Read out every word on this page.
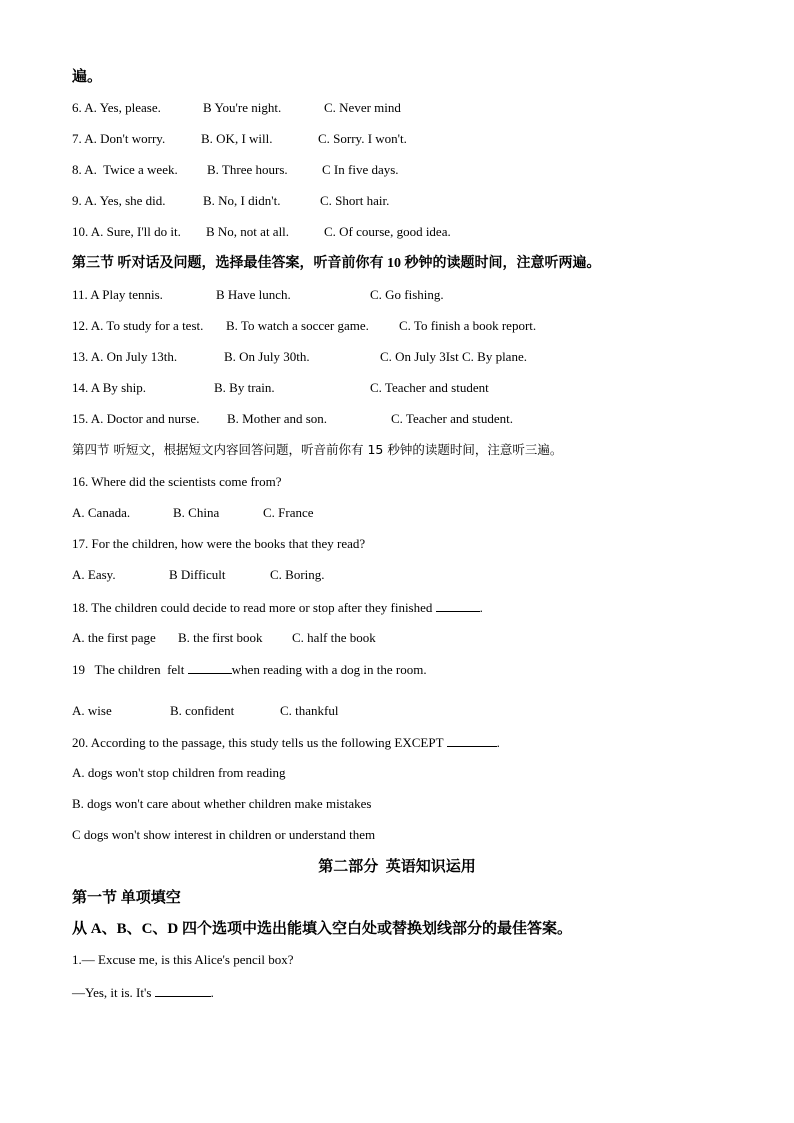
遍。
6. A. Yes, please.	B You're night.	C. Never mind
7. A. Don't worry.	B. OK, I will.	C. Sorry. I won't.
8. A.  Twice a week. B. Three hours.	C In five days.
9. A. Yes, she did.	B. No, I didn't.	C. Short hair.
10. A. Sure, I'll do it. B No, not at all.	C. Of course, good idea.
第三节 听对话及问题，选择最佳答案，听音前你有 10 秒钟的读题时间，注意听两遍。
11. A Play tennis.	B Have lunch.	C. Go fishing.
12. A. To study for a test. B. To watch a soccer game. C. To finish a book report.
13. A. On July 13th.	B. On July 30th.	C. On July 3Ist C. By plane.
14. A By ship.	B. By train.	C. Teacher and student
15. A. Doctor and nurse. B. Mother and son.	C. Teacher and student.
第四节 听短文，根据短文内容回答问题，听音前你有 15 秒钟的读题时间，注意听三遍。
16. Where did the scientists come from?
A. Canada.	B. China	C. France
17. For the children, how were the books that they read?
A. Easy.	B Difficult	C. Boring.
18. The children could decide to read more or stop after they finished	.
A. the first page B. the first book C. half the book
19   The children  felt	when reading with a dog in the room.
A. wise	B. confident	C. thankful
20. According to the passage, this study tells us the following EXCEPT	.
A. dogs won't stop children from reading
B. dogs won't care about whether children make mistakes
C dogs won't show interest in children or understand them
第二部分  英语知识运用
第一节 单项填空
从 A、B、C、D 四个选项中选出能填入空白处或替换划线部分的最佳答案。
1.— Excuse me, is this Alice's pencil box?
—Yes, it is. It's	.
